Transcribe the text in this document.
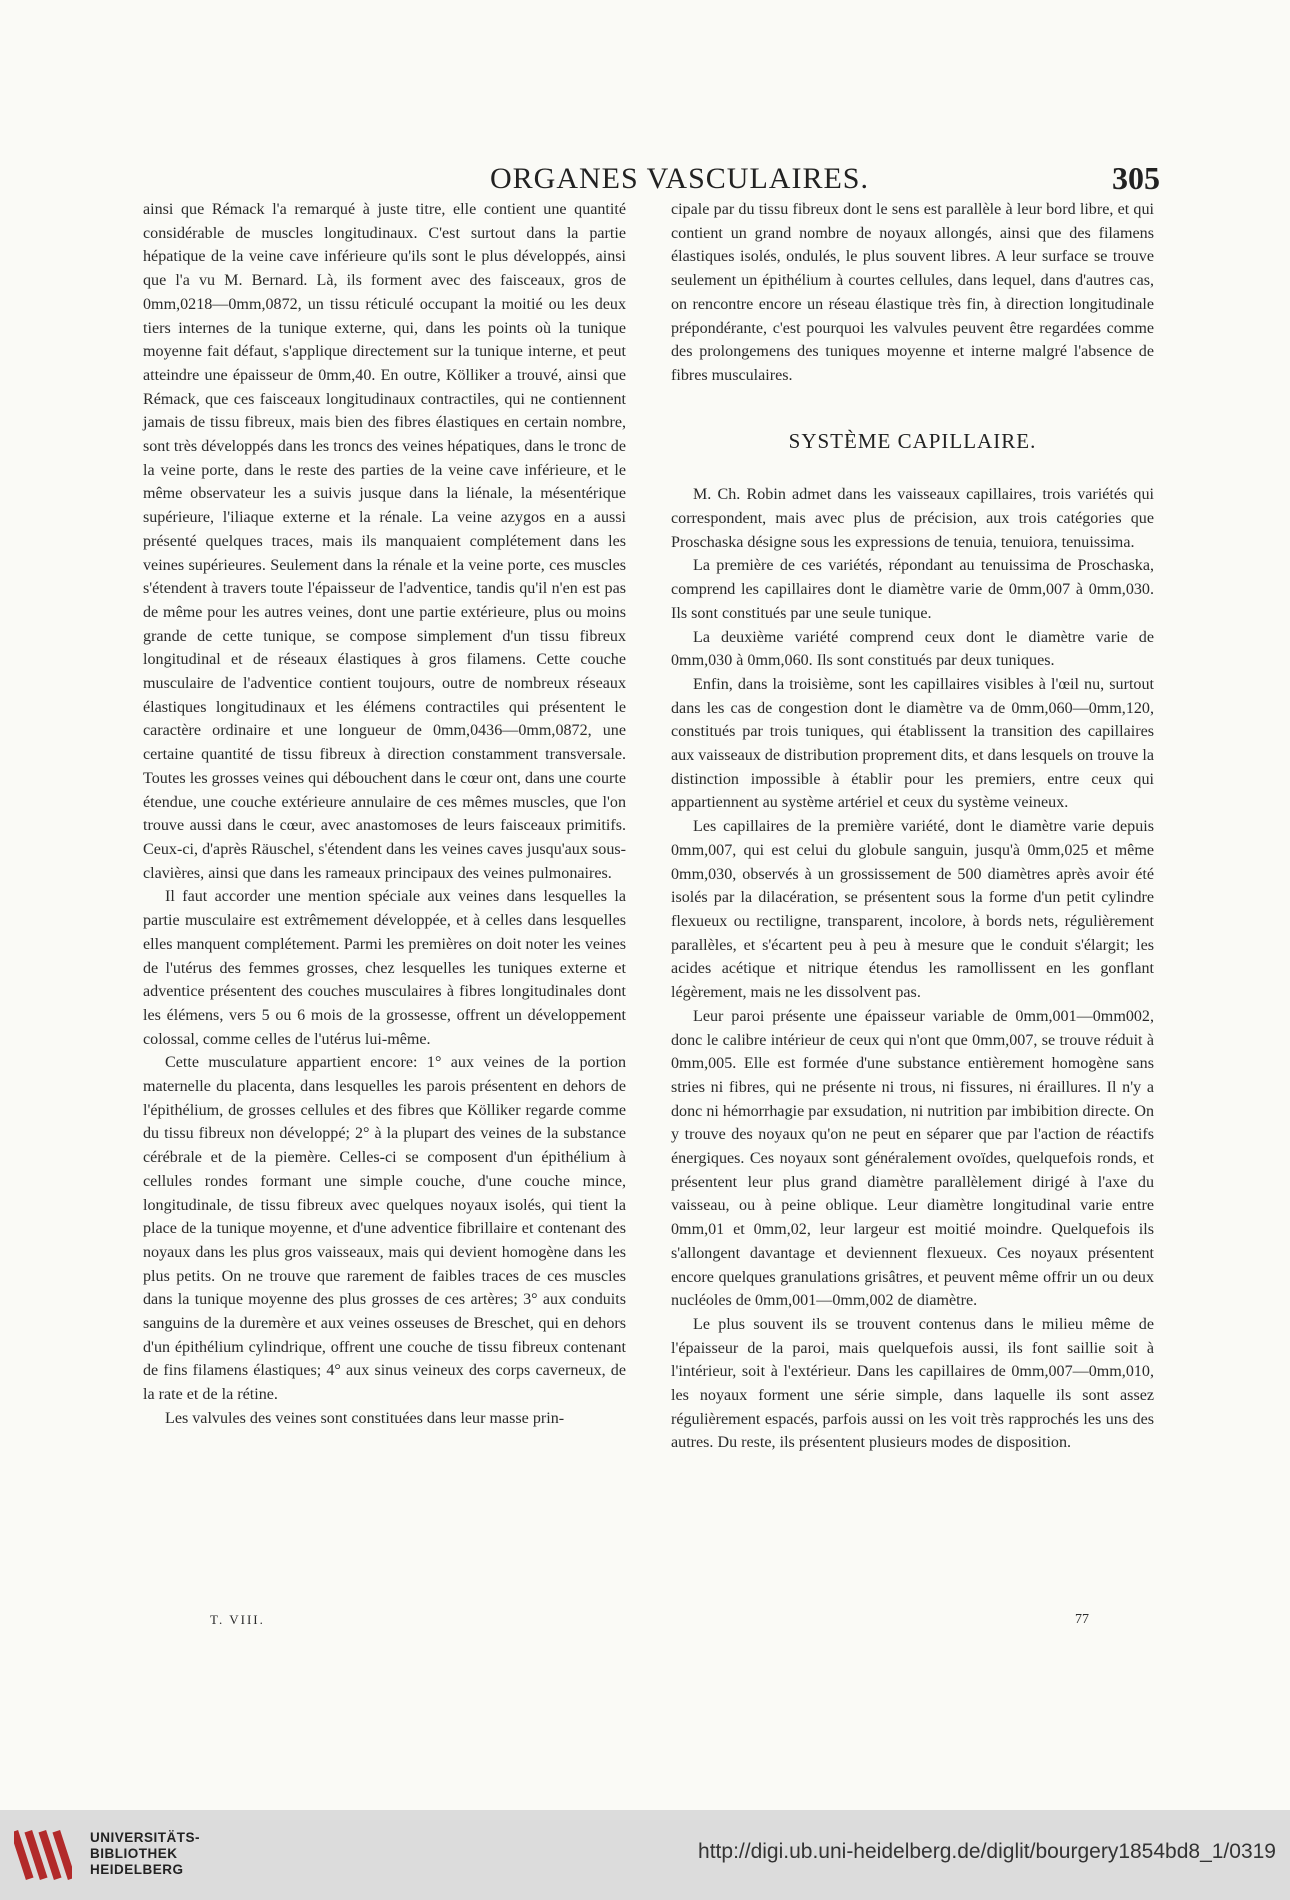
ORGANES VASCULAIRES.	305

ainsi que Rémack l'a remarqué à juste titre, elle contient une quantité considérable de muscles longitudinaux. C'est surtout dans la partie hépatique de la veine cave inférieure qu'ils sont le plus développés, ainsi que l'a vu M. Bernard. Là, ils forment avec des faisceaux, gros de 0mm,0218—0mm,0872, un tissu réticulé occupant la moitié ou les deux tiers internes de la tunique externe, qui, dans les points où la tunique moyenne fait défaut, s'applique directement sur la tunique interne, et peut atteindre une épaisseur de 0mm,40. En outre, Kölliker a trouvé, ainsi que Rémack, que ces faisceaux longitudinaux contractiles, qui ne contiennent jamais de tissu fibreux, mais bien des fibres élastiques en certain nombre, sont très développés dans les troncs des veines hépatiques, dans le tronc de la veine porte, dans le reste des parties de la veine cave inférieure, et le même observateur les a suivis jusque dans la liénale, la mésentérique supérieure, l'iliaque externe et la rénale. La veine azygos en a aussi présenté quelques traces, mais ils manquaient complétement dans les veines supérieures. Seulement dans la rénale et la veine porte, ces muscles s'étendent à travers toute l'épaisseur de l'adventice, tandis qu'il n'en est pas de même pour les autres veines, dont une partie extérieure, plus ou moins grande de cette tunique, se compose simplement d'un tissu fibreux longitudinal et de réseaux élastiques à gros filamens. Cette couche musculaire de l'adventice contient toujours, outre de nombreux réseaux élastiques longitudinaux et les élémens contractiles qui présentent le caractère ordinaire et une longueur de 0mm,0436—0mm,0872, une certaine quantité de tissu fibreux à direction constamment transversale. Toutes les grosses veines qui débouchent dans le cœur ont, dans une courte étendue, une couche extérieure annulaire de ces mêmes muscles, que l'on trouve aussi dans le cœur, avec anastomoses de leurs faisceaux primitifs. Ceux-ci, d'après Räuschel, s'étendent dans les veines caves jusqu'aux sous-clavières, ainsi que dans les rameaux principaux des veines pulmonaires.

Il faut accorder une mention spéciale aux veines dans lesquelles la partie musculaire est extrêmement développée, et à celles dans lesquelles elles manquent complétement. Parmi les premières on doit noter les veines de l'utérus des femmes grosses, chez lesquelles les tuniques externe et adventice présentent des couches musculaires à fibres longitudinales dont les élémens, vers 5 ou 6 mois de la grossesse, offrent un développement colossal, comme celles de l'utérus lui-même.

Cette musculature appartient encore: 1° aux veines de la portion maternelle du placenta, dans lesquelles les parois présentent en dehors de l'épithélium, de grosses cellules et des fibres que Kölliker regarde comme du tissu fibreux non développé; 2° à la plupart des veines de la substance cérébrale et de la piemère. Celles-ci se composent d'un épithélium à cellules rondes formant une simple couche, d'une couche mince, longitudinale, de tissu fibreux avec quelques noyaux isolés, qui tient la place de la tunique moyenne, et d'une adventice fibrillaire et contenant des noyaux dans les plus gros vaisseaux, mais qui devient homogène dans les plus petits. On ne trouve que rarement de faibles traces de ces muscles dans la tunique moyenne des plus grosses de ces artères; 3° aux conduits sanguins de la duremère et aux veines osseuses de Breschet, qui en dehors d'un épithélium cylindrique, offrent une couche de tissu fibreux contenant de fins filamens élastiques; 4° aux sinus veineux des corps caverneux, de la rate et de la rétine.

Les valvules des veines sont constituées dans leur masse prin-

cipale par du tissu fibreux dont le sens est parallèle à leur bord libre, et qui contient un grand nombre de noyaux allongés, ainsi que des filamens élastiques isolés, ondulés, le plus souvent libres. A leur surface se trouve seulement un épithélium à courtes cellules, dans lequel, dans d'autres cas, on rencontre encore un réseau élastique très fin, à direction longitudinale prépondérante, c'est pourquoi les valvules peuvent être regardées comme des prolongemens des tuniques moyenne et interne malgré l'absence de fibres musculaires.

SYSTÈME CAPILLAIRE.

M. Ch. Robin admet dans les vaisseaux capillaires, trois variétés qui correspondent, mais avec plus de précision, aux trois catégories que Proschaska désigne sous les expressions de tenuia, tenuiora, tenuissima.

La première de ces variétés, répondant au tenuissima de Proschaska, comprend les capillaires dont le diamètre varie de 0mm,007 à 0mm,030. Ils sont constitués par une seule tunique.

La deuxième variété comprend ceux dont le diamètre varie de 0mm,030 à 0mm,060. Ils sont constitués par deux tuniques.

Enfin, dans la troisième, sont les capillaires visibles à l'œil nu, surtout dans les cas de congestion dont le diamètre va de 0mm,060—0mm,120, constitués par trois tuniques, qui établissent la transition des capillaires aux vaisseaux de distribution proprement dits, et dans lesquels on trouve la distinction impossible à établir pour les premiers, entre ceux qui appartiennent au système artériel et ceux du système veineux.

Les capillaires de la première variété, dont le diamètre varie depuis 0mm,007, qui est celui du globule sanguin, jusqu'à 0mm,025 et même 0mm,030, observés à un grossissement de 500 diamètres après avoir été isolés par la dilacération, se présentent sous la forme d'un petit cylindre flexueux ou rectiligne, transparent, incolore, à bords nets, régulièrement parallèles, et s'écartent peu à peu à mesure que le conduit s'élargit; les acides acétique et nitrique étendus les ramollissent en les gonflant légèrement, mais ne les dissolvent pas.

Leur paroi présente une épaisseur variable de 0mm,001—0mm002, donc le calibre intérieur de ceux qui n'ont que 0mm,007, se trouve réduit à 0mm,005. Elle est formée d'une substance entièrement homogène sans stries ni fibres, qui ne présente ni trous, ni fissures, ni éraillures. Il n'y a donc ni hémorrhagie par exsudation, ni nutrition par imbibition directe. On y trouve des noyaux qu'on ne peut en séparer que par l'action de réactifs énergiques. Ces noyaux sont généralement ovoïdes, quelquefois ronds, et présentent leur plus grand diamètre parallèlement dirigé à l'axe du vaisseau, ou à peine oblique. Leur diamètre longitudinal varie entre 0mm,01 et 0mm,02, leur largeur est moitié moindre. Quelquefois ils s'allongent davantage et deviennent flexueux. Ces noyaux présentent encore quelques granulations grisâtres, et peuvent même offrir un ou deux nucléoles de 0mm,001—0mm,002 de diamètre.

Le plus souvent ils se trouvent contenus dans le milieu même de l'épaisseur de la paroi, mais quelquefois aussi, ils font saillie soit à l'intérieur, soit à l'extérieur. Dans les capillaires de 0mm,007—0mm,010, les noyaux forment une série simple, dans laquelle ils sont assez régulièrement espacés, parfois aussi on les voit très rapprochés les uns des autres. Du reste, ils présentent plusieurs modes de disposition.

T. VIII.	77
UNIVERSITÄTS-
BIBLIOTHEK
HEIDELBERG
http://digi.ub.uni-heidelberg.de/diglit/bourgery1854bd8_1/0319
